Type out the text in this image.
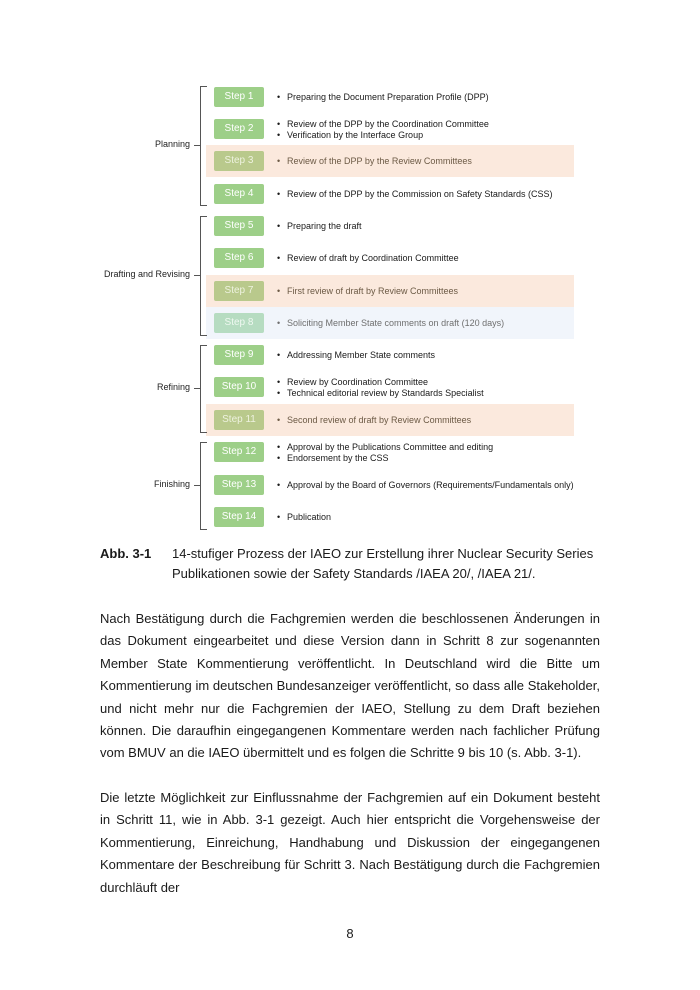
Planning
Drafting and Revising
Refining
Finishing
Step 1	• Preparing the Document Preparation Profile (DPP)
Step 2	• Review of the DPP by the Coordination Committee
• Verification by the Interface Group
Step 3	• Review of the DPP by the Review Committees
Step 4	• Review of the DPP by the Commission on Safety Standards (CSS)
Step 5	• Preparing the draft
Step 6	• Review of draft by Coordination Committee
Step 7	• First review of draft by Review Committees
Step 8	• Soliciting Member State comments on draft (120 days)
Step 9	• Addressing Member State comments
Step 10	• Review by Coordination Committee
• Technical editorial review by Standards Specialist
Step 11	• Second review of draft by Review Committees
Step 12	• Approval by the Publications Committee and editing
• Endorsement by the CSS
Step 13	• Approval by the Board of Governors (Requirements/Fundamentals only)
Step 14	• Publication
Abb. 3-1 14-stufiger Prozess der IAEO zur Erstellung ihrer Nuclear Security Series Publikationen sowie der Safety Standards /IAEA 20/, /IAEA 21/.
Nach Bestätigung durch die Fachgremien werden die beschlossenen Änderungen in das Dokument eingearbeitet und diese Version dann in Schritt 8 zur sogenannten Member State Kommentierung veröffentlicht. In Deutschland wird die Bitte um Kommentierung im deutschen Bundesanzeiger veröffentlicht, so dass alle Stakeholder, und nicht mehr nur die Fachgremien der IAEO, Stellung zu dem Draft beziehen können. Die daraufhin eingegangenen Kommentare werden nach fachlicher Prüfung vom BMUV an die IAEO übermittelt und es folgen die Schritte 9 bis 10 (s. Abb. 3-1).
Die letzte Möglichkeit zur Einflussnahme der Fachgremien auf ein Dokument besteht in Schritt 11, wie in Abb. 3-1 gezeigt. Auch hier entspricht die Vorgehensweise der Kommentierung, Einreichung, Handhabung und Diskussion der eingegangenen Kommentare der Beschreibung für Schritt 3. Nach Bestätigung durch die Fachgremien durchläuft der
8
